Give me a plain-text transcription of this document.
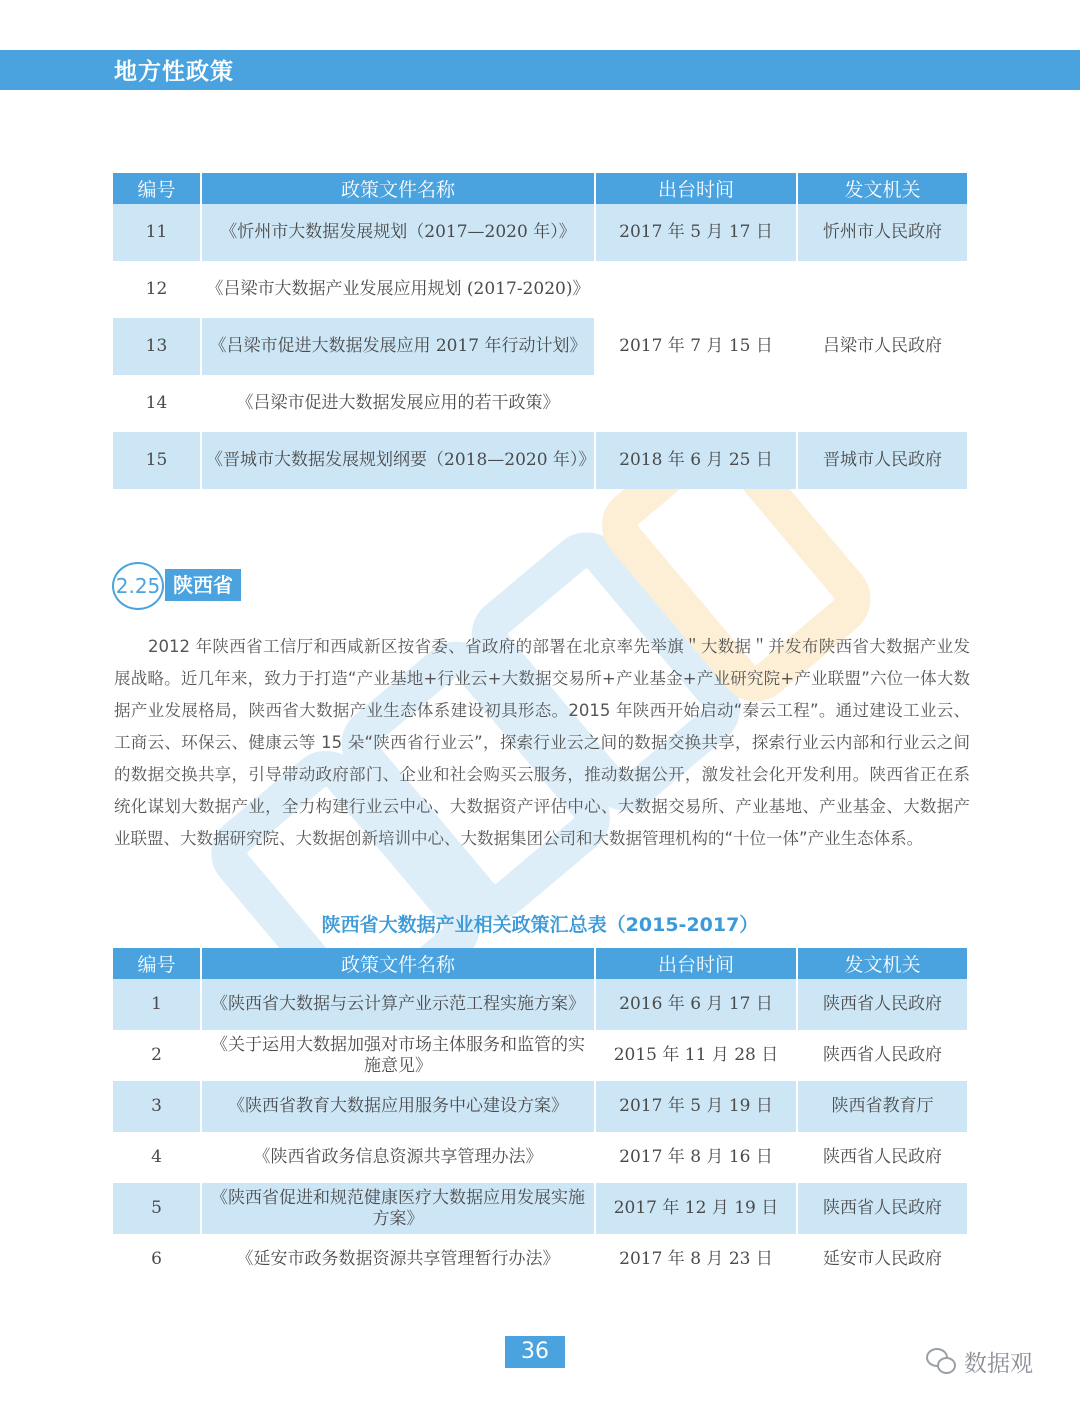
地方性政策
编号	政策文件名称	出台时间	发文机关
11	《忻州市大数据发展规划（2017—2020 年）》	2017 年 5 月 17 日	忻州市人民政府
12	《吕梁市大数据产业发展应用规划 (2017-2020)》		
13	《吕梁市促进大数据发展应用 2017 年行动计划》	2017 年 7 月 15 日	吕梁市人民政府
14	《吕梁市促进大数据发展应用的若干政策》		
15	《晋城市大数据发展规划纲要（2018—2020 年）》	2018 年 6 月 25 日	晋城市人民政府
2.25 陕西省
2012 年陕西省工信厅和西咸新区按省委、省政府的部署在北京率先举旗＂大数据＂并发布陕西省大数据产业发展战略。近几年来，致力于打造“产业基地+行业云+大数据交易所+产业基金+产业研究院+产业联盟”六位一体大数据产业发展格局，陕西省大数据产业生态体系建设初具形态。2015 年陕西开始启动“秦云工程”。通过建设工业云、工商云、环保云、健康云等 15 朵“陕西省行业云”，探索行业云之间的数据交换共享，探索行业云内部和行业云之间的数据交换共享，引导带动政府部门、企业和社会购买云服务，推动数据公开，激发社会化开发利用。陕西省正在系统化谋划大数据产业，全力构建行业云中心、大数据资产评估中心、大数据交易所、产业基地、产业基金、大数据产业联盟、大数据研究院、大数据创新培训中心、大数据集团公司和大数据管理机构的“十位一体”产业生态体系。
陕西省大数据产业相关政策汇总表（2015-2017）
编号	政策文件名称	出台时间	发文机关
1	《陕西省大数据与云计算产业示范工程实施方案》	2016 年 6 月 17 日	陕西省人民政府
2	《关于运用大数据加强对市场主体服务和监管的实施意见》	2015 年 11 月 28 日	陕西省人民政府
3	《陕西省教育大数据应用服务中心建设方案》	2017 年 5 月 19 日	陕西省教育厅
4	《陕西省政务信息资源共享管理办法》	2017 年 8 月 16 日	陕西省人民政府
5	《陕西省促进和规范健康医疗大数据应用发展实施方案》	2017 年 12 月 19 日	陕西省人民政府
6	《延安市政务数据资源共享管理暂行办法》	2017 年 8 月 23 日	延安市人民政府
36	数据观
